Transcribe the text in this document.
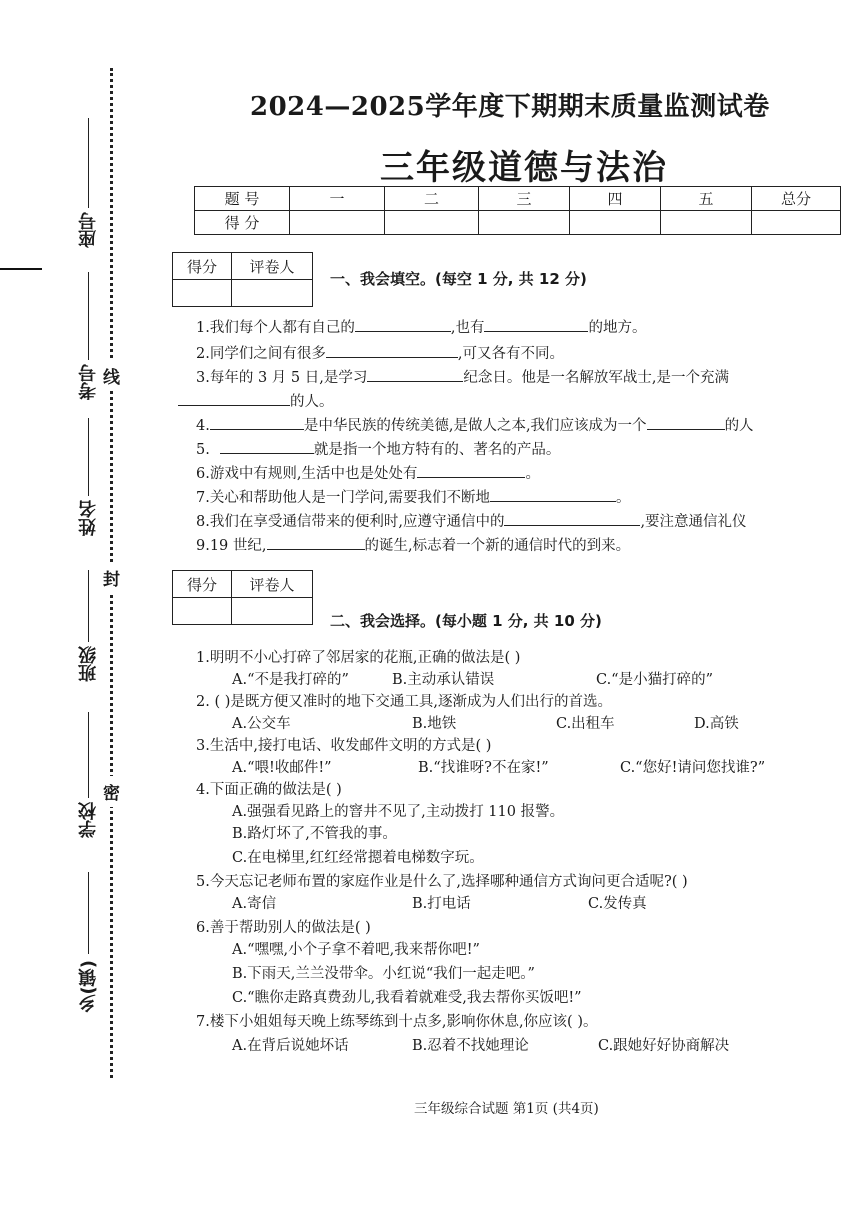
座号
考号
姓名
班级
学校
乡(镇)
线
封
密
2024—2025学年度下期期末质量监测试卷
三年级道德与法治
题 号	一	二	三	四	五	总分
得 分						
得分	评卷人

一、我会填空。(每空 1 分, 共 12 分)
1.我们每个人都有自己的	,也有	的地方。
2.同学们之间有很多	,可又各有不同。
3.每年的 3 月 5 日,是学习	纪念日。他是一名解放军战士,是一个充满
的人。
4.	是中华民族的传统美德,是做人之本,我们应该成为一个	的人
5.	就是指一个地方特有的、著名的产品。
6.游戏中有规则,生活中也是处处有	。
7.关心和帮助他人是一门学问,需要我们不断地	。
8.我们在享受通信带来的便利时,应遵守通信中的	,要注意通信礼仪
9.19 世纪,	的诞生,标志着一个新的通信时代的到来。
得分	评卷人

二、我会选择。(每小题 1 分, 共 10 分)
1.明明不小心打碎了邻居家的花瓶,正确的做法是( )
A.“不是我打碎的”	B.主动承认错误	C.“是小猫打碎的”
2. ( )是既方便又准时的地下交通工具,逐渐成为人们出行的首选。
A.公交车	B.地铁	C.出租车	D.高铁
3.生活中,接打电话、收发邮件文明的方式是( )
A.“喂!收邮件!”	B.“找谁呀?不在家!”	C.“您好!请问您找谁?”
4.下面正确的做法是( )
A.强强看见路上的窨井不见了,主动拨打 110 报警。
B.路灯坏了,不管我的事。
C.在电梯里,红红经常摁着电梯数字玩。
5.今天忘记老师布置的家庭作业是什么了,选择哪种通信方式询问更合适呢?( )
A.寄信	B.打电话	C.发传真
6.善于帮助别人的做法是( )
A.“嘿嘿,小个子拿不着吧,我来帮你吧!”
B.下雨天,兰兰没带伞。小红说“我们一起走吧。”
C.“瞧你走路真费劲儿,我看着就难受,我去帮你买饭吧!”
7.楼下小姐姐每天晚上练琴练到十点多,影响你休息,你应该( )。
A.在背后说她坏话	B.忍着不找她理论	C.跟她好好协商解决
三年级综合试题 第1页 (共4页)
